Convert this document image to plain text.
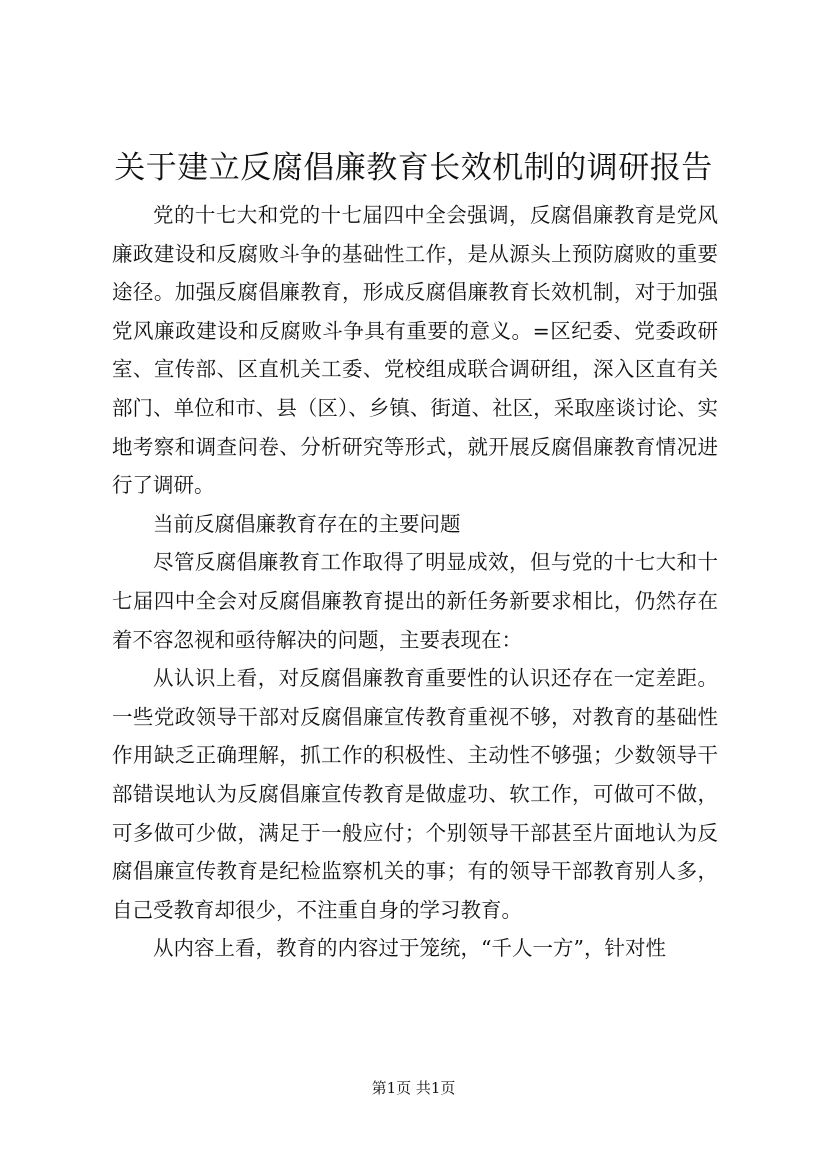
关于建立反腐倡廉教育长效机制的调研报告

党的十七大和党的十七届四中全会强调，反腐倡廉教育是党风廉政建设和反腐败斗争的基础性工作，是从源头上预防腐败的重要途径。加强反腐倡廉教育，形成反腐倡廉教育长效机制，对于加强党风廉政建设和反腐败斗争具有重要的意义。=区纪委、党委政研室、宣传部、区直机关工委、党校组成联合调研组，深入区直有关部门、单位和市、县（区）、乡镇、街道、社区，采取座谈讨论、实地考察和调查问卷、分析研究等形式，就开展反腐倡廉教育情况进行了调研。

当前反腐倡廉教育存在的主要问题

尽管反腐倡廉教育工作取得了明显成效，但与党的十七大和十七届四中全会对反腐倡廉教育提出的新任务新要求相比，仍然存在着不容忽视和亟待解决的问题，主要表现在：

从认识上看，对反腐倡廉教育重要性的认识还存在一定差距。一些党政领导干部对反腐倡廉宣传教育重视不够，对教育的基础性作用缺乏正确理解，抓工作的积极性、主动性不够强；少数领导干部错误地认为反腐倡廉宣传教育是做虚功、软工作，可做可不做，可多做可少做，满足于一般应付；个别领导干部甚至片面地认为反腐倡廉宣传教育是纪检监察机关的事；有的领导干部教育别人多，自己受教育却很少，不注重自身的学习教育。

从内容上看，教育的内容过于笼统，“千人一方”，针对性

第1页 共1页
